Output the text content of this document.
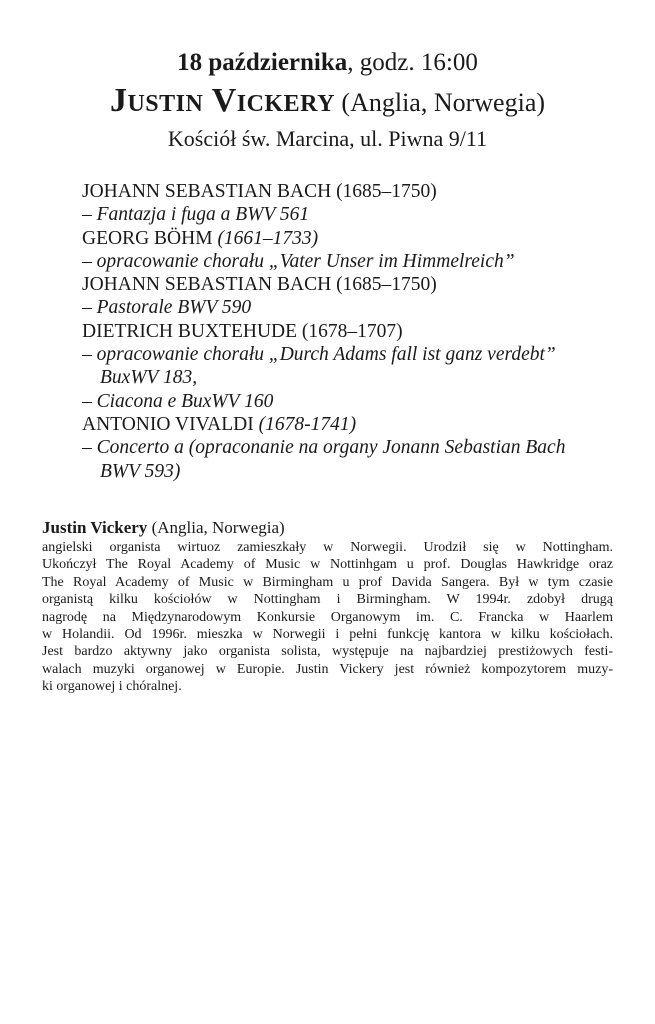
18 października, godz. 16:00
Justin Vickery (Anglia, Norwegia)
Kościół św. Marcina, ul. Piwna 9/11
JOHANN SEBASTIAN BACH (1685–1750)
– Fantazja i fuga a BWV 561
GEORG BÖHM (1661–1733)
– opracowanie chorału „Vater Unser im Himmelreich”
JOHANN SEBASTIAN BACH (1685–1750)
– Pastorale BWV 590
DIETRICH BUXTEHUDE (1678–1707)
– opracowanie chorału „Durch Adams fall ist ganz verdebt”
BuxWV 183,
– Ciacona e BuxWV 160
ANTONIO VIVALDI (1678-1741)
– Concerto a (opraconanie na organy Jonann Sebastian Bach
BWV 593)
Justin Vickery (Anglia, Norwegia)
angielski organista wirtuoz zamieszkały w Norwegii. Urodził się w Nottingham.
Ukończył The Royal Academy of Music w Nottinhgam u prof. Douglas Hawkridge oraz
The Royal Academy of Music w Birmingham u prof Davida Sangera. Był w tym czasie
organistą kilku kościołów w Nottingham i Birmingham. W 1994r. zdobył drugą
nagrodę na Międzynarodowym Konkursie Organowym im. C. Francka w Haarlem
w Holandii. Od 1996r. mieszka w Norwegii i pełni funkcję kantora w kilku kościołach.
Jest bardzo aktywny jako organista solista, występuje na najbardziej prestiżowych festi-
walach muzyki organowej w Europie. Justin Vickery jest również kompozytorem muzy-
ki organowej i chóralnej.
